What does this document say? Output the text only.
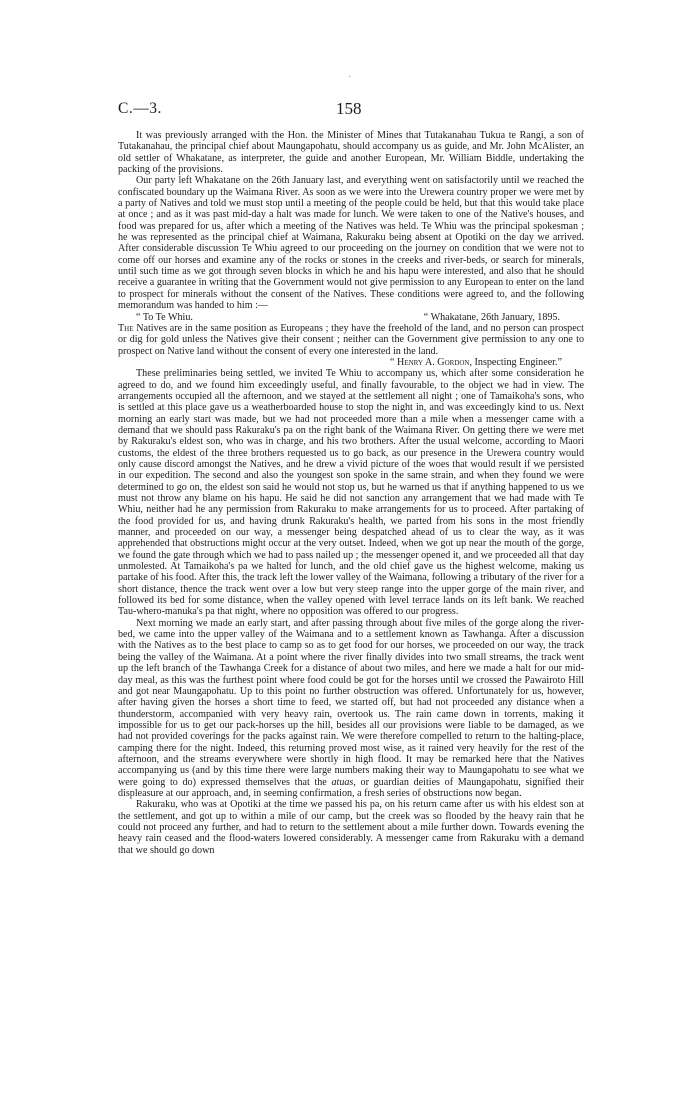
·
C.—3.	158

It was previously arranged with the Hon. the Minister of Mines that Tutakanahau Tukua te Rangi, a son of Tutakanahau, the principal chief about Maungapohatu, should accompany us as guide, and Mr. John McAlister, an old settler of Whakatane, as interpreter, the guide and another European, Mr. William Biddle, undertaking the packing of the provisions.

Our party left Whakatane on the 26th January last, and everything went on satisfactorily until we reached the confiscated boundary up the Waimana River. As soon as we were into the Urewera country proper we were met by a party of Natives and told we must stop until a meeting of the people could be held, but that this would take place at once ; and as it was past mid-day a halt was made for lunch. We were taken to one of the Native's houses, and food was prepared for us, after which a meeting of the Natives was held. Te Whiu was the principal spokesman ; he was represented as the principal chief at Waimana, Rakuraku being absent at Opotiki on the day we arrived. After considerable discussion Te Whiu agreed to our proceeding on the journey on condition that we were not to come off our horses and examine any of the rocks or stones in the creeks and river-beds, or search for minerals, until such time as we got through seven blocks in which he and his hapu were interested, and also that he should receive a guarantee in writing that the Government would not give permission to any European to enter on the land to prospect for minerals without the consent of the Natives. These conditions were agreed to, and the following memorandum was handed to him :—

“ To Te Whiu.	“ Whakatane, 26th January, 1895.

The Natives are in the same position as Europeans ; they have the freehold of the land, and no person can prospect or dig for gold unless the Natives give their consent ; neither can the Government give permission to any one to prospect on Native land without the consent of every one interested in the land.

“ Henry A. Gordon, Inspecting Engineer.”

These preliminaries being settled, we invited Te Whiu to accompany us, which after some consideration he agreed to do, and we found him exceedingly useful, and finally favourable, to the object we had in view. The arrangements occupied all the afternoon, and we stayed at the settlement all night ; one of Tamaikoha's sons, who is settled at this place gave us a weatherboarded house to stop the night in, and was exceedingly kind to us. Next morning an early start was made, but we had not proceeded more than a mile when a messenger came with a demand that we should pass Rakuraku's pa on the right bank of the Waimana River. On getting there we were met by Rakuraku's eldest son, who was in charge, and his two brothers. After the usual welcome, according to Maori customs, the eldest of the three brothers requested us to go back, as our presence in the Urewera country would only cause discord amongst the Natives, and he drew a vivid picture of the woes that would result if we persisted in our expedition. The second and also the youngest son spoke in the same strain, and when they found we were determined to go on, the eldest son said he would not stop us, but he warned us that if anything happened to us we must not throw any blame on his hapu. He said he did not sanction any arrangement that we had made with Te Whiu, neither had he any permission from Rakuraku to make arrangements for us to proceed. After partaking of the food provided for us, and having drunk Rakuraku's health, we parted from his sons in the most friendly manner, and proceeded on our way, a messenger being despatched ahead of us to clear the way, as it was apprehended that obstructions might occur at the very outset. Indeed, when we got up near the mouth of the gorge, we found the gate through which we had to pass nailed up ; the messenger opened it, and we proceeded all that day unmolested. At Tamaikoha's pa we halted for lunch, and the old chief gave us the highest welcome, making us partake of his food. After this, the track left the lower valley of the Waimana, following a tributary of the river for a short distance, thence the track went over a low but very steep range into the upper gorge of the main river, and followed its bed for some distance, when the valley opened with level terrace lands on its left bank. We reached Tau-whero-manuka's pa that night, where no opposition was offered to our progress.

Next morning we made an early start, and after passing through about five miles of the gorge along the river-bed, we came into the upper valley of the Waimana and to a settlement known as Tawhanga. After a discussion with the Natives as to the best place to camp so as to get food for our horses, we proceeded on our way, the track being the valley of the Waimana. At a point where the river finally divides into two small streams, the track went up the left branch of the Tawhanga Creek for a distance of about two miles, and here we made a halt for our mid-day meal, as this was the furthest point where food could be got for the horses until we crossed the Pawairoto Hill and got near Maungapohatu. Up to this point no further obstruction was offered. Unfortunately for us, however, after having given the horses a short time to feed, we started off, but had not proceeded any distance when a thunderstorm, accompanied with very heavy rain, overtook us. The rain came down in torrents, making it impossible for us to get our pack-horses up the hill, besides all our provisions were liable to be damaged, as we had not provided coverings for the packs against rain. We were therefore compelled to return to the halting-place, camping there for the night. Indeed, this returning proved most wise, as it rained very heavily for the rest of the afternoon, and the streams everywhere were shortly in high flood. It may be remarked here that the Natives accompanying us (and by this time there were large numbers making their way to Maungapohatu to see what we were going to do) expressed themselves that the atuas, or guardian deities of Maungapohatu, signified their displeasure at our approach, and, in seeming confirmation, a fresh series of obstructions now began.

Rakuraku, who was at Opotiki at the time we passed his pa, on his return came after us with his eldest son at the settlement, and got up to within a mile of our camp, but the creek was so flooded by the heavy rain that he could not proceed any further, and had to return to the settlement about a mile further down. Towards evening the heavy rain ceased and the flood-waters lowered considerably. A messenger came from Rakuraku with a demand that we should go down
